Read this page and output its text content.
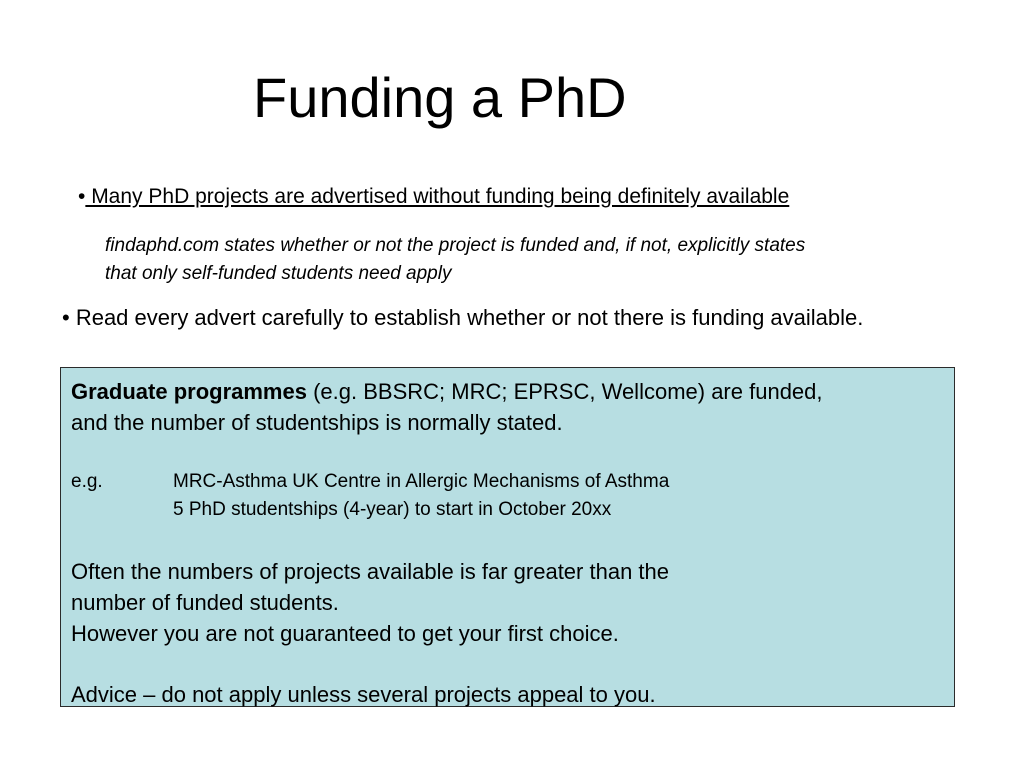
Funding a PhD
• Many PhD projects are advertised without funding being definitely available
findaphd.com states whether or not the project is funded and, if not, explicitly states
that only self-funded students need apply
• Read every advert carefully to establish whether or not there is funding available.
Graduate programmes (e.g. BBSRC; MRC; EPRSC, Wellcome) are funded,
and the number of studentships is normally stated.
e.g.	MRC-Asthma UK Centre in Allergic Mechanisms of Asthma
5 PhD studentships (4-year) to start in October 20xx
Often the numbers of projects available is far greater than the
number of funded students.
However you are not guaranteed to get your first choice.
Advice – do not apply unless several projects appeal to you.
